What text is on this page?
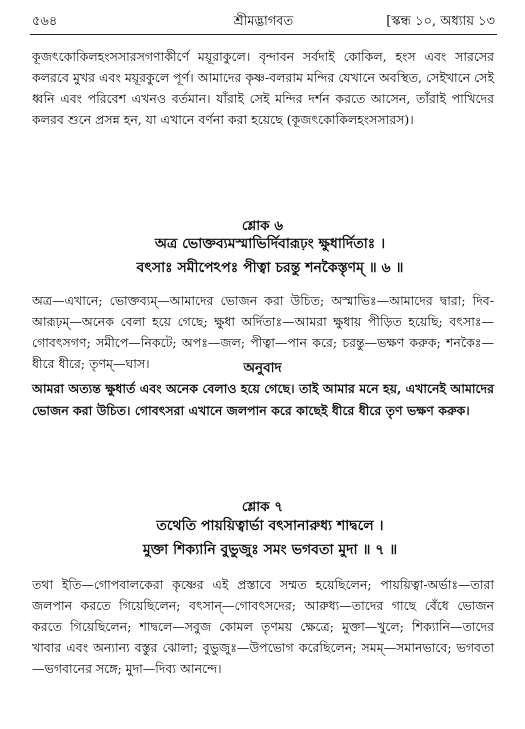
৫৬৪	শ্রীমদ্ভাগবত	[স্কন্ধ ১০, অধ্যায় ১৩
কূজৎকোকিলহংসসারসগণাকীর্ণে ময়ূরাকুলে। বৃন্দাবন সর্বদাই কোকিল, হংস এবং সারসের কলরবে মুখর এবং ময়ূরকুলে পূর্ণ। আমাদের কৃষ্ণ-বলরাম মন্দির যেখানে অবস্থিত, সেইখানে সেই ধ্বনি এবং পরিবেশ এখনও বর্তমান। যাঁরাই সেই মন্দির দর্শন করতে আসেন, তাঁরাই পাখিদের কলরব শুনে প্রসন্ন হন, যা এখানে বর্ণনা করা হয়েছে (কূজৎকোকিলহংসসারস)।
শ্লোক ৬
অত্র ভোক্তব্যমস্মাভির্দিবারূঢ়ং ক্ষুধার্দিতাঃ ।
বৎসাঃ সমীপেঽপঃ পীত্বা চরন্তু শনকৈস্তৃণম্ ॥ ৬ ॥
অত্র—এখানে; ভোক্তব্যম্—আমাদের ভোজন করা উচিত; অস্মাভিঃ—আমাদের দ্বারা; দিব-আরূঢ়ম্—অনেক বেলা হয়ে গেছে; ক্ষুধা অর্দিতাঃ—আমরা ক্ষুধায় পীড়িত হয়েছি; বৎসাঃ—গোবৎসগণ; সমীপে—নিকটে; অপঃ—জল; পীত্বা—পান করে; চরন্তু—ভক্ষণ করুক; শনকৈঃ—ধীরে ধীরে; তৃণম্—ঘাস।	অনুবাদ
আমরা অত্যন্ত ক্ষুধার্ত এবং অনেক বেলাও হয়ে গেছে। তাই আমার মনে হয়, এখানেই আমাদের ভোজন করা উচিত। গোবৎসরা এখানে জলপান করে কাছেই ধীরে ধীরে তৃণ ভক্ষণ করুক।
শ্লোক ৭
তথেতি পায়য়িত্বার্ভা বৎসানারুধ্য শাদ্বলে ।
মুক্তা শিক্যানি বুভুজুঃ সমং ভগবতা মুদা ॥ ৭ ॥
তথা ইতি—গোপবালকেরা কৃষ্ণের এই প্রস্তাবে সম্মত হয়েছিলেন; পায়য়িত্বা-অর্ভাঃ—তারা জলপান করতে গিয়েছিলেন; বৎসান্—গোবৎসদের; আরুধ্য—তাদের গাছে বেঁধে ভোজন করতে গিয়েছিলেন; শাদ্বলে—সবুজ কোমল তৃণময় ক্ষেত্রে; মুক্তা—খুলে; শিক্যানি—তাদের খাবার এবং অন্যান্য বস্তুর ঝোলা; বুভুজুঃ—উপভোগ করেছিলেন; সমম্—সমানভাবে; ভগবতা—ভগবানের সঙ্গে; মুদা—দিব্য আনন্দে।
